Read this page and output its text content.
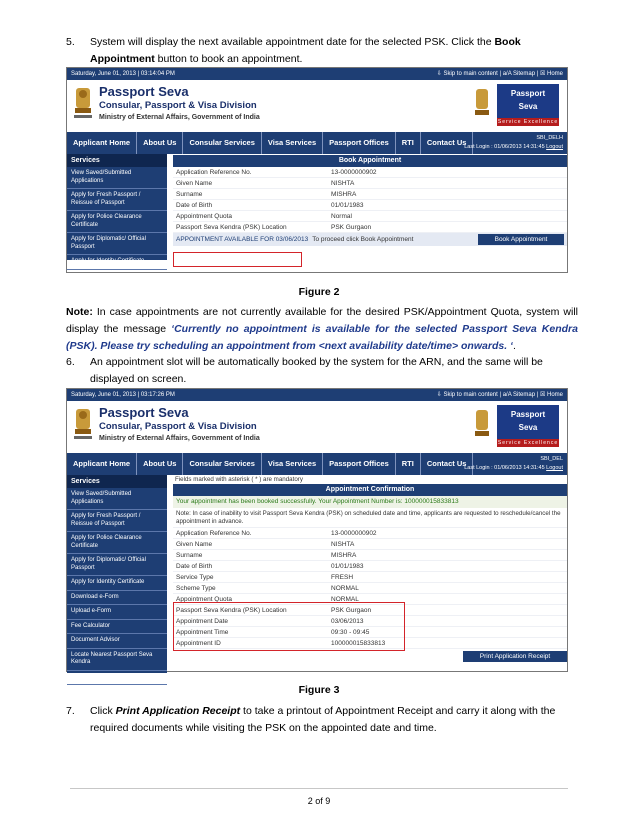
5. System will display the next available appointment date for the selected PSK. Click the Book Appointment button to book an appointment.
Saturday, June 01, 2013 | 03:14:04 PM	⇩ Skip to main content | a/A Sitemap | ☒ Home
Passport Seva
Consular, Passport & Visa Division
Ministry of External Affairs, Government of India
Passport
Seva
Service Excellence
Applicant Home	About Us	Consular Services	Visa Services	Passport Offices	RTI	Contact Us	SBI_DELH
Last Login : 01/06/2013 14:31:45 Logout
Services
View Saved/Submitted Applications
Apply for Fresh Passport / Reissue of Passport
Apply for Police Clearance Certificate
Apply for Diplomatic/ Official Passport
Apply for Identity Certificate
Book Appointment
Application Reference No.	13-0000000902
Given Name	NISHTA
Surname	MISHRA
Date of Birth	01/01/1983
Appointment Quota	Normal
Passport Seva Kendra (PSK) Location	PSK Gurgaon
APPOINTMENT AVAILABLE FOR 03/06/2013 To proceed click Book Appointment	Book Appointment
Figure 2
Note: In case appointments are not currently available for the desired PSK/Appointment Quota, system will display the message ‘Currently no appointment is available for the selected Passport Seva Kendra (PSK). Please try scheduling an appointment from <next availability date/time> onwards. ‘.
6. An appointment slot will be automatically booked by the system for the ARN, and the same will be displayed on screen.
Saturday, June 01, 2013 | 03:17:26 PM	⇩ Skip to main content | a/A Sitemap | ☒ Home
Passport Seva
Consular, Passport & Visa Division
Ministry of External Affairs, Government of India
Passport
Seva
Service Excellence
Applicant Home	About Us	Consular Services	Visa Services	Passport Offices	RTI	Contact Us	SBI_DEL
Last Login : 01/06/2013 14:31:45 Logout
Services
View Saved/Submitted Applications
Apply for Fresh Passport / Reissue of Passport
Apply for Police Clearance Certificate
Apply for Diplomatic/ Official Passport
Apply for Identity Certificate
Download e-Form
Upload e-Form
Fee Calculator
Document Advisor
Locate Nearest Passport Seva Kendra
Change Password
Fields marked with asterisk ( * ) are mandatory
Appointment Confirmation
Your appointment has been booked successfully. Your Appointment Number is: 100000015833813
Note: In case of inability to visit Passport Seva Kendra (PSK) on scheduled date and time, applicants are requested to reschedule/cancel the appointment in advance.
Application Reference No.	13-0000000902
Given Name	NISHTA
Surname	MISHRA
Date of Birth	01/01/1983
Service Type	FRESH
Scheme Type	NORMAL
Appointment Quota	NORMAL
Passport Seva Kendra (PSK) Location	PSK Gurgaon
Appointment Date	03/06/2013
Appointment Time	09:30 - 09:45
Appointment ID	100000015833813
Print Application Receipt
Figure 3
7. Click Print Application Receipt to take a printout of Appointment Receipt and carry it along with the required documents while visiting the PSK on the appointed date and time.
2 of 9
